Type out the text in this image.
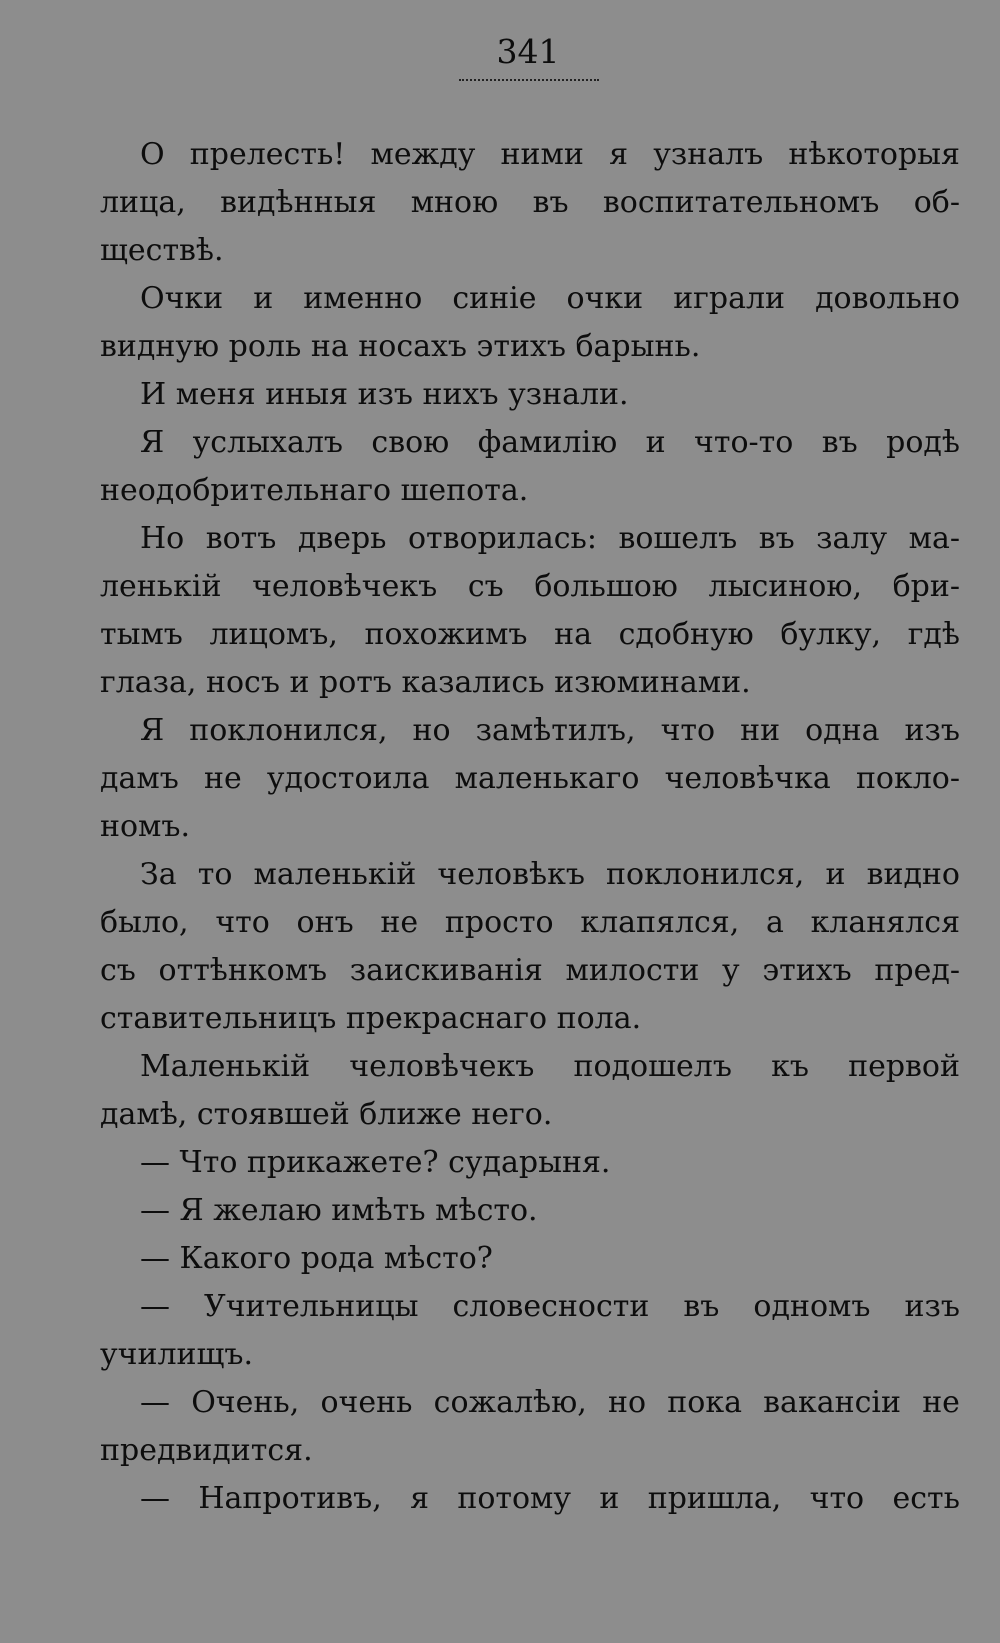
341
О прелесть! между ними я узналъ нѣкоторыя
лица, видѣнныя мною въ воспитательномъ об-
ществѣ.
Очки и именно синіе очки играли довольно
видную роль на носахъ этихъ барынь.
И меня иныя изъ нихъ узнали.
Я услыхалъ свою фамилію и что-то въ родѣ
неодобрительнаго шепота.
Но вотъ дверь отворилась: вошелъ въ залу ма-
ленькій человѣчекъ съ большою лысиною, бри-
тымъ лицомъ, похожимъ на сдобную булку, гдѣ
глаза, носъ и ротъ казались изюминами.
Я поклонился, но замѣтилъ, что ни одна изъ
дамъ не удостоила маленькаго человѣчка покло-
номъ.
За то маленькій человѣкъ поклонился, и видно
было, что онъ не просто клапялся, а кланялся
съ оттѣнкомъ заискиванія милости у этихъ пред-
ставительницъ прекраснаго пола.
Маленькій человѣчекъ подошелъ къ первой
дамѣ, стоявшей ближе него.
— Что прикажете? сударыня.
— Я желаю имѣть мѣсто.
— Какого рода мѣсто?
— Учительницы словесности въ одномъ изъ
училищъ.
— Очень, очень сожалѣю, но пока вакансіи не
предвидится.
— Напротивъ, я потому и пришла, что есть
